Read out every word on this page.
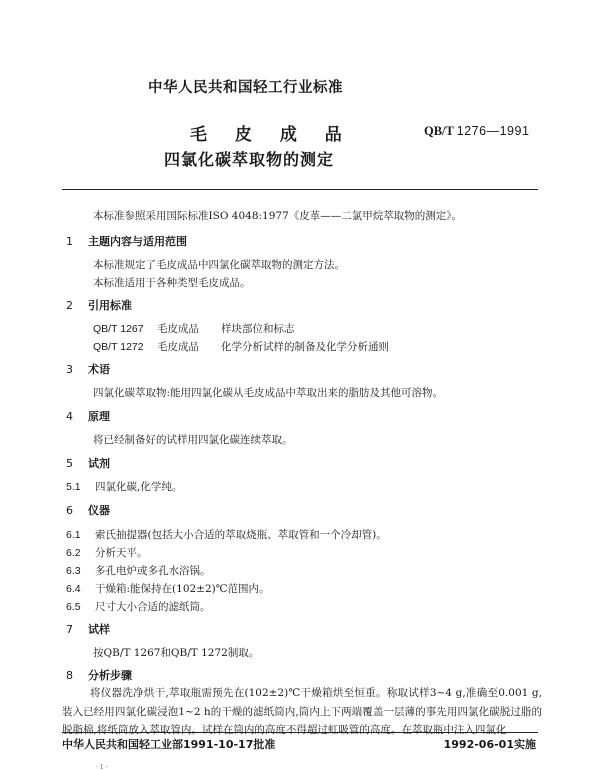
中华人民共和国轻工行业标准
毛 皮 成 品
四氯化碳萃取物的测定
QB/T 1276—1991
本标准参照采用国际标准ISO 4048:1977《皮革——二氯甲烷萃取物的测定》。
1 主题内容与适用范围
本标准规定了毛皮成品中四氯化碳萃取物的测定方法。
本标准适用于各种类型毛皮成品。
2 引用标准
QB/T 1267 毛皮成品 样块部位和标志
QB/T 1272 毛皮成品 化学分析试样的制备及化学分析通则
3 术语
四氯化碳萃取物:能用四氯化碳从毛皮成品中萃取出来的脂肪及其他可溶物。
4 原理
将已经制备好的试样用四氯化碳连续萃取。
5 试剂
5.1 四氯化碳,化学纯。
6 仪器
6.1 索氏抽提器(包括大小合适的萃取烧瓶、萃取管和一个冷却管)。
6.2 分析天平。
6.3 多孔电炉或多孔水浴锅。
6.4 干燥箱:能保持在(102±2)℃范围内。
6.5 尺寸大小合适的滤纸筒。
7 试样
按QB/T 1267和QB/T 1272制取。
8 分析步骤
将仪器洗净烘干,萃取瓶需预先在(102±2)℃干燥箱烘至恒重。称取试样3~4 g,准确至0.001 g,装入已经用四氯化碳浸泡1~2 h的干燥的滤纸筒内,筒内上下两端覆盖一层薄的事先用四氯化碳脱过脂的脱脂棉,将纸筒放入萃取管内。试样在筒内的高度不得超过虹吸管的高度。在萃取瓶中注入四氯化
中华人民共和国轻工业部1991-10-17批准	1992-06-01实施
· 1 ·
